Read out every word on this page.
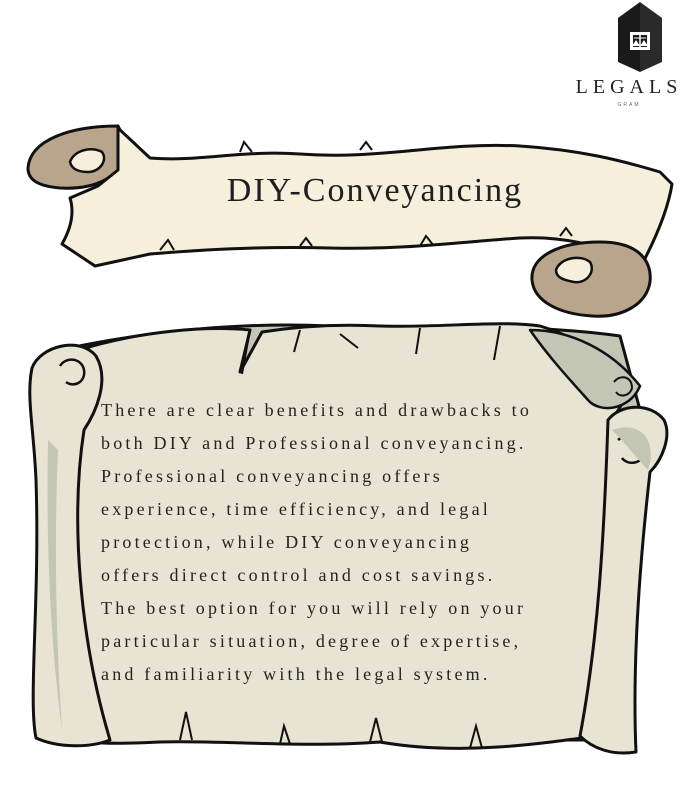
LEGALS
GRAM
DIY-Conveyancing
There are clear benefits and drawbacks to
both DIY and Professional conveyancing.
Professional conveyancing offers
experience, time efficiency, and legal
protection, while DIY conveyancing
offers direct control and cost savings.
The best option for you will rely on your
particular situation, degree of expertise,
and familiarity with the legal system.
